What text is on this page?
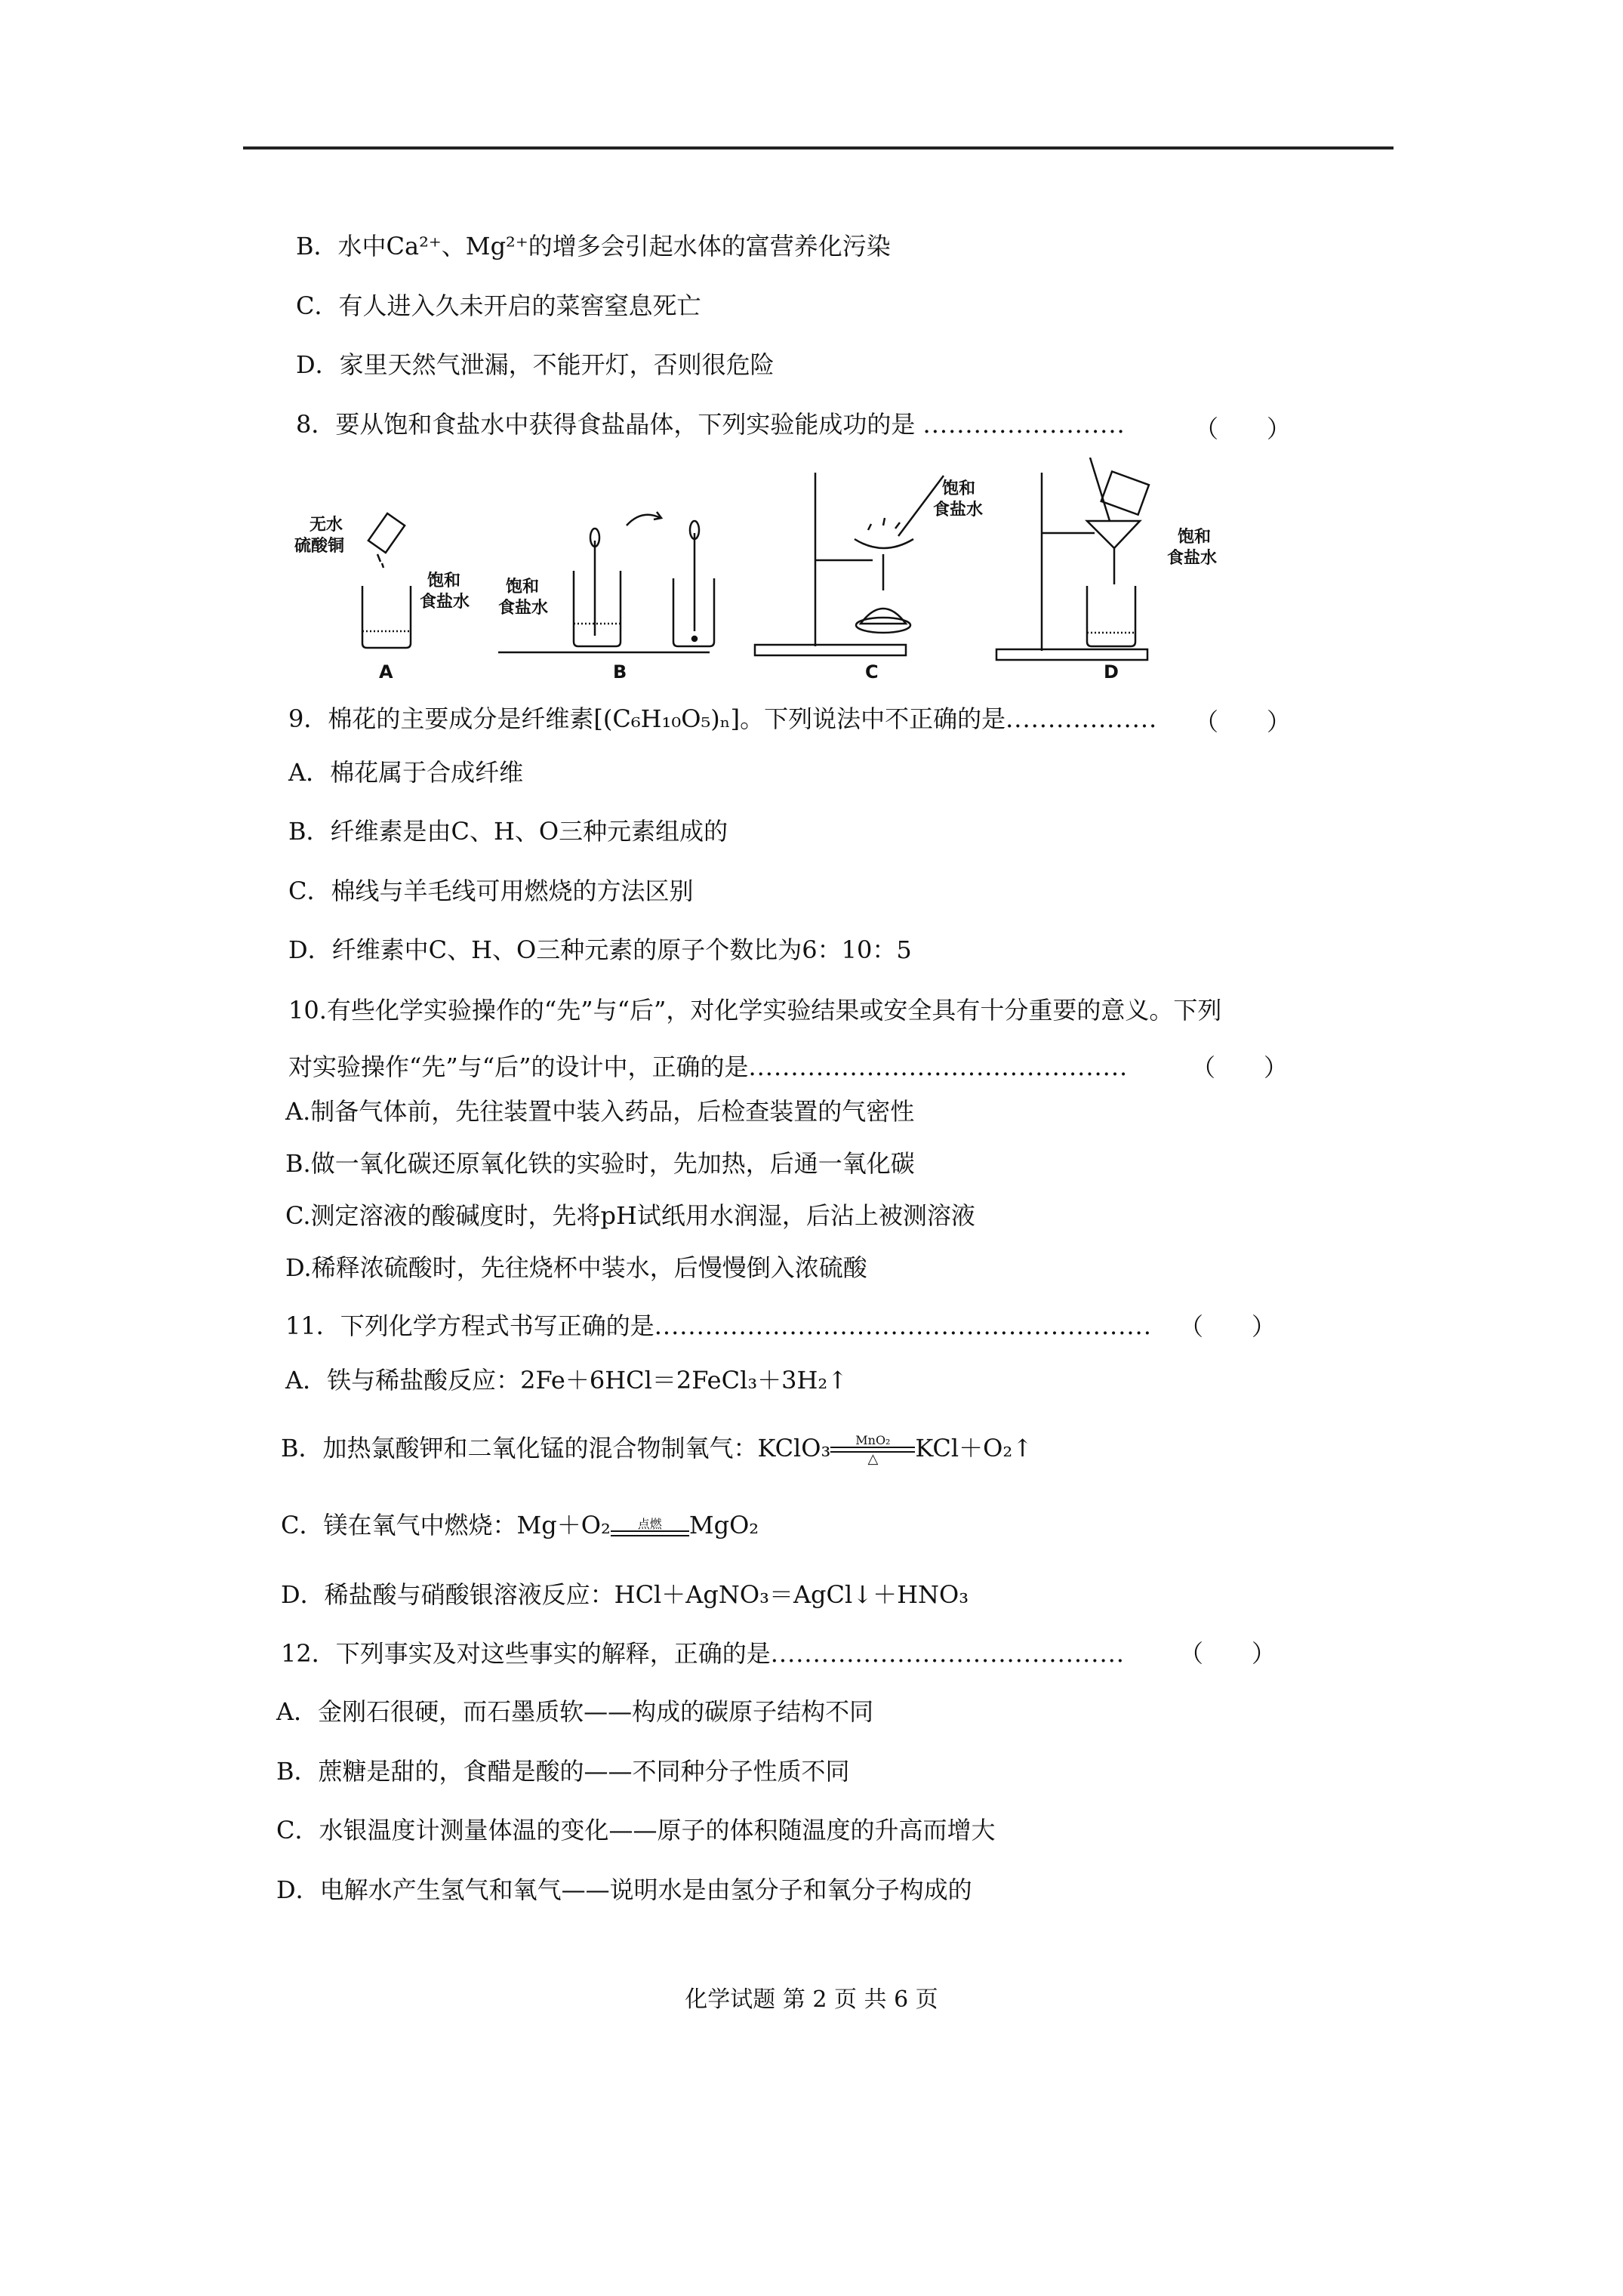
B．水中Ca²⁺、Mg²⁺的增多会引起水体的富营养化污染
C．有人进入久未开启的菜窖窒息死亡
D．家里天然气泄漏，不能开灯，否则很危险
8．要从饱和食盐水中获得食盐晶体，下列实验能成功的是 ........................	（　　）
无水
硫酸铜
饱和
食盐水
A
饱和
食盐水
B
饱和
食盐水
C
饱和
食盐水
D
9．棉花的主要成分是纤维素[(C₆H₁₀O₅)ₙ]。下列说法中不正确的是.................. （　　）
A．棉花属于合成纤维
B．纤维素是由C、H、O三种元素组成的
C．棉线与羊毛线可用燃烧的方法区别
D．纤维素中C、H、O三种元素的原子个数比为6：10：5
10.有些化学实验操作的“先”与“后”，对化学实验结果或安全具有十分重要的意义。下列
对实验操作“先”与“后”的设计中，正确的是.............................................	（　　）
A.制备气体前，先往装置中装入药品，后检查装置的气密性
B.做一氧化碳还原氧化铁的实验时，先加热，后通一氧化碳
C.测定溶液的酸碱度时，先将pH试纸用水润湿，后沾上被测溶液
D.稀释浓硫酸时，先往烧杯中装水，后慢慢倒入浓硫酸
11．下列化学方程式书写正确的是........................................................... （　　）
A．铁与稀盐酸反应：2Fe＋6HCl＝2FeCl₃＋3H₂↑
B．加热氯酸钾和二氧化锰的混合物制氧气：KClO₃	MnO₂
△	KCl＋O₂↑
C．镁在氧气中燃烧：Mg＋O₂	点燃	MgO₂
D．稀盐酸与硝酸银溶液反应：HCl＋AgNO₃＝AgCl↓＋HNO₃
12．下列事实及对这些事实的解释，正确的是.......................................... （　　）
A．金刚石很硬，而石墨质软——构成的碳原子结构不同
B．蔗糖是甜的，食醋是酸的——不同种分子性质不同
C．水银温度计测量体温的变化——原子的体积随温度的升高而增大
D．电解水产生氢气和氧气——说明水是由氢分子和氧分子构成的
化学试题 第 2 页 共 6 页
